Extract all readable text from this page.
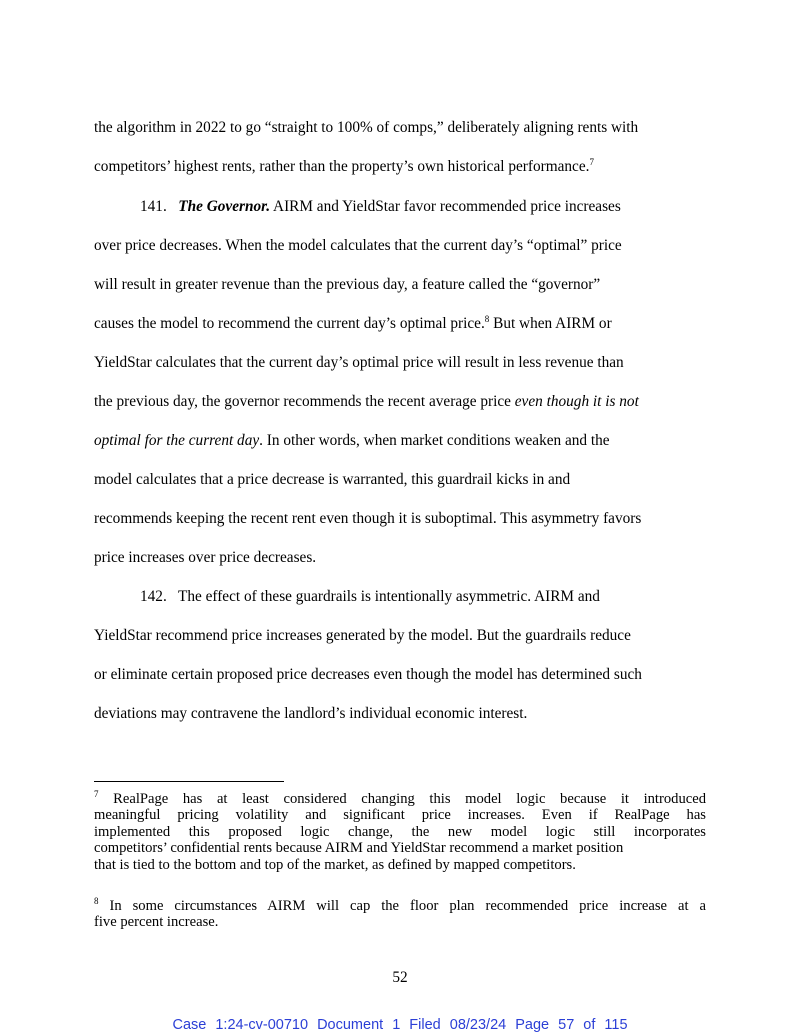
the algorithm in 2022 to go “straight to 100% of comps,” deliberately aligning rents with
competitors’ highest rents, rather than the property’s own historical performance.$^7$
141. The Governor. AIRM and YieldStar favor recommended price increases
over price decreases. When the model calculates that the current day’s “optimal” price
will result in greater revenue than the previous day, a feature called the “governor”
causes the model to recommend the current day’s optimal price.$^8$ But when AIRM or
YieldStar calculates that the current day’s optimal price will result in less revenue than
the previous day, the governor recommends the recent average price even though it is not
optimal for the current day. In other words, when market conditions weaken and the
model calculates that a price decrease is warranted, this guardrail kicks in and
recommends keeping the recent rent even though it is suboptimal. This asymmetry favors
price increases over price decreases.
142. The effect of these guardrails is intentionally asymmetric. AIRM and
YieldStar recommend price increases generated by the model. But the guardrails reduce
or eliminate certain proposed price decreases even though the model has determined such
deviations may contravene the landlord’s individual economic interest.
$^7$ RealPage has at least considered changing this model logic because it introduced
meaningful pricing volatility and significant price increases. Even if RealPage has
implemented this proposed logic change, the new model logic still incorporates
competitors’ confidential rents because AIRM and YieldStar recommend a market position
that is tied to the bottom and top of the market, as defined by mapped competitors.
$^8$ In some circumstances AIRM will cap the floor plan recommended price increase at a
five percent increase.
52
Case 1:24-cv-00710 Document 1 Filed 08/23/24 Page 57 of 115
